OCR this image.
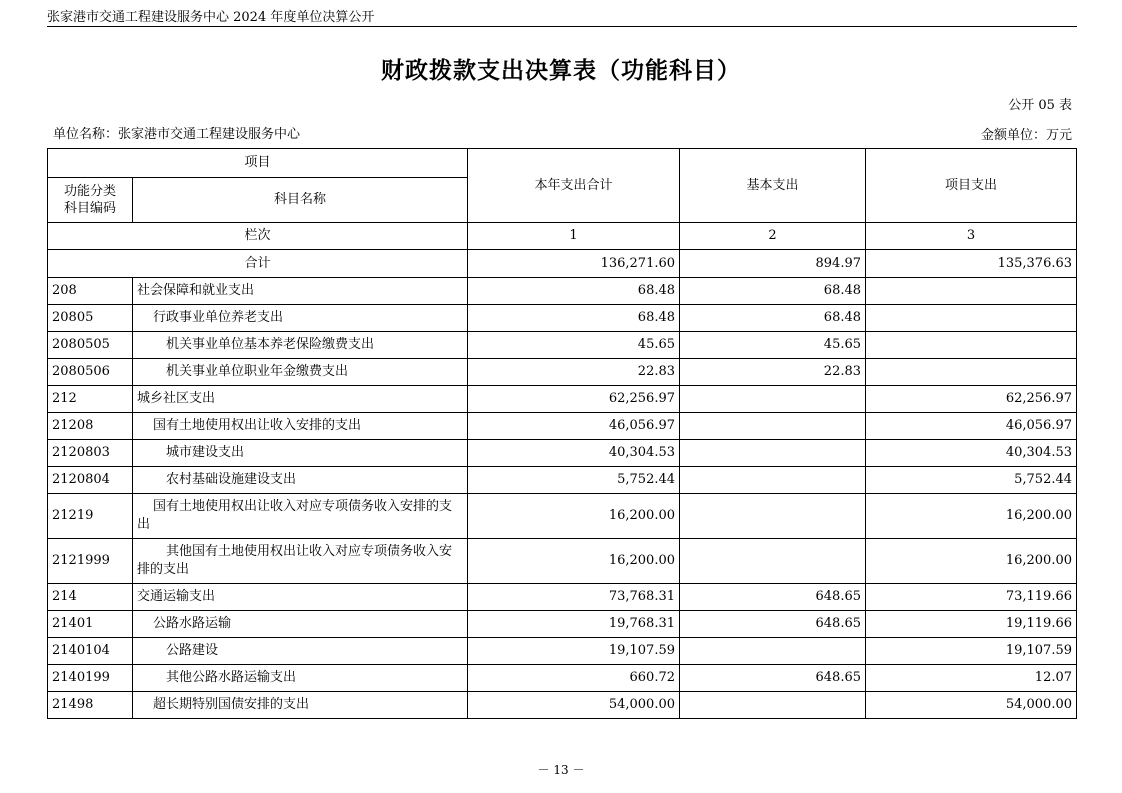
张家港市交通工程建设服务中心 2024 年度单位决算公开
财政拨款支出决算表（功能科目）
公开 05 表
单位名称：张家港市交通工程建设服务中心	金额单位：万元
项目		本年支出合计	基本支出	项目支出
功能分类
科目编码	科目名称			
栏次		1	2	3
合计		136,271.60	894.97	135,376.63
208	社会保障和就业支出	68.48	68.48	
20805	行政事业单位养老支出	68.48	68.48	
2080505	机关事业单位基本养老保险缴费支出	45.65	45.65	
2080506	机关事业单位职业年金缴费支出	22.83	22.83	
212	城乡社区支出	62,256.97		62,256.97
21208	国有土地使用权出让收入安排的支出	46,056.97		46,056.97
2120803	城市建设支出	40,304.53		40,304.53
2120804	农村基础设施建设支出	5,752.44		5,752.44
21219	国有土地使用权出让收入对应专项债务收入安排的支出	16,200.00		16,200.00
2121999	其他国有土地使用权出让收入对应专项债务收入安排的支出	16,200.00		16,200.00
214	交通运输支出	73,768.31	648.65	73,119.66
21401	公路水路运输	19,768.31	648.65	19,119.66
2140104	公路建设	19,107.59		19,107.59
2140199	其他公路水路运输支出	660.72	648.65	12.07
21498	超长期特别国债安排的支出	54,000.00		54,000.00
－ 13 －
